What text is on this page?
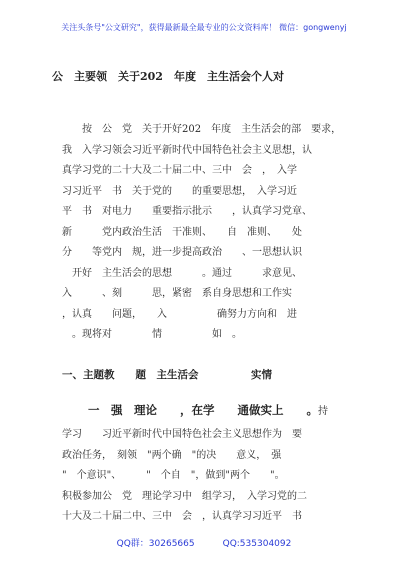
关注头条号"公文研究"，获得最新最全最专业的公文资料库！ 微信：gongwenyj
公　主要领　关于202　年度　主生活会个人对
　　按　公　党　关于开好202　年度　主生活会的部　要求，
我　入学习领会习近平新时代中国特色社会主义思想，认
真学习党的二十大及二十届二中、三中　会　，　入学
习习近平　书　关于党的　　的重要思想，　入学习近
平　书　对电力　　重要指示批示　　，认真学习党章、
新　　　党内政治生活　干准则、　　自　准则、　　处
分　　等党内　规，进一步提高政治　　、一思想认识
　开好　主生活会的思想　　　。通过　　　求意见、
入　　　、刻　　　思，紧密　系自身思想和工作实
，认真　　问题，　　入　　　　　确努力方向和　进
　。现将对　　　　情　　　　　如　。
一、主题教　　题　主生活会　　　　　实情
一　强　理论　　，在学　　通做实上　　。持
学习　　习近平新时代中国特色社会主义思想作为　要
政治任务，　刻领　"两个确　"的决　　意义，　强
"　个意识"、　　　"　个自　"，做到"两个　　"。
积极参加公　党　理论学习中　组学习，　入学习党的二
十大及二十届二中、三中　会　，认真学习习近平　书
QQ群：30265665	QQ:535304092
